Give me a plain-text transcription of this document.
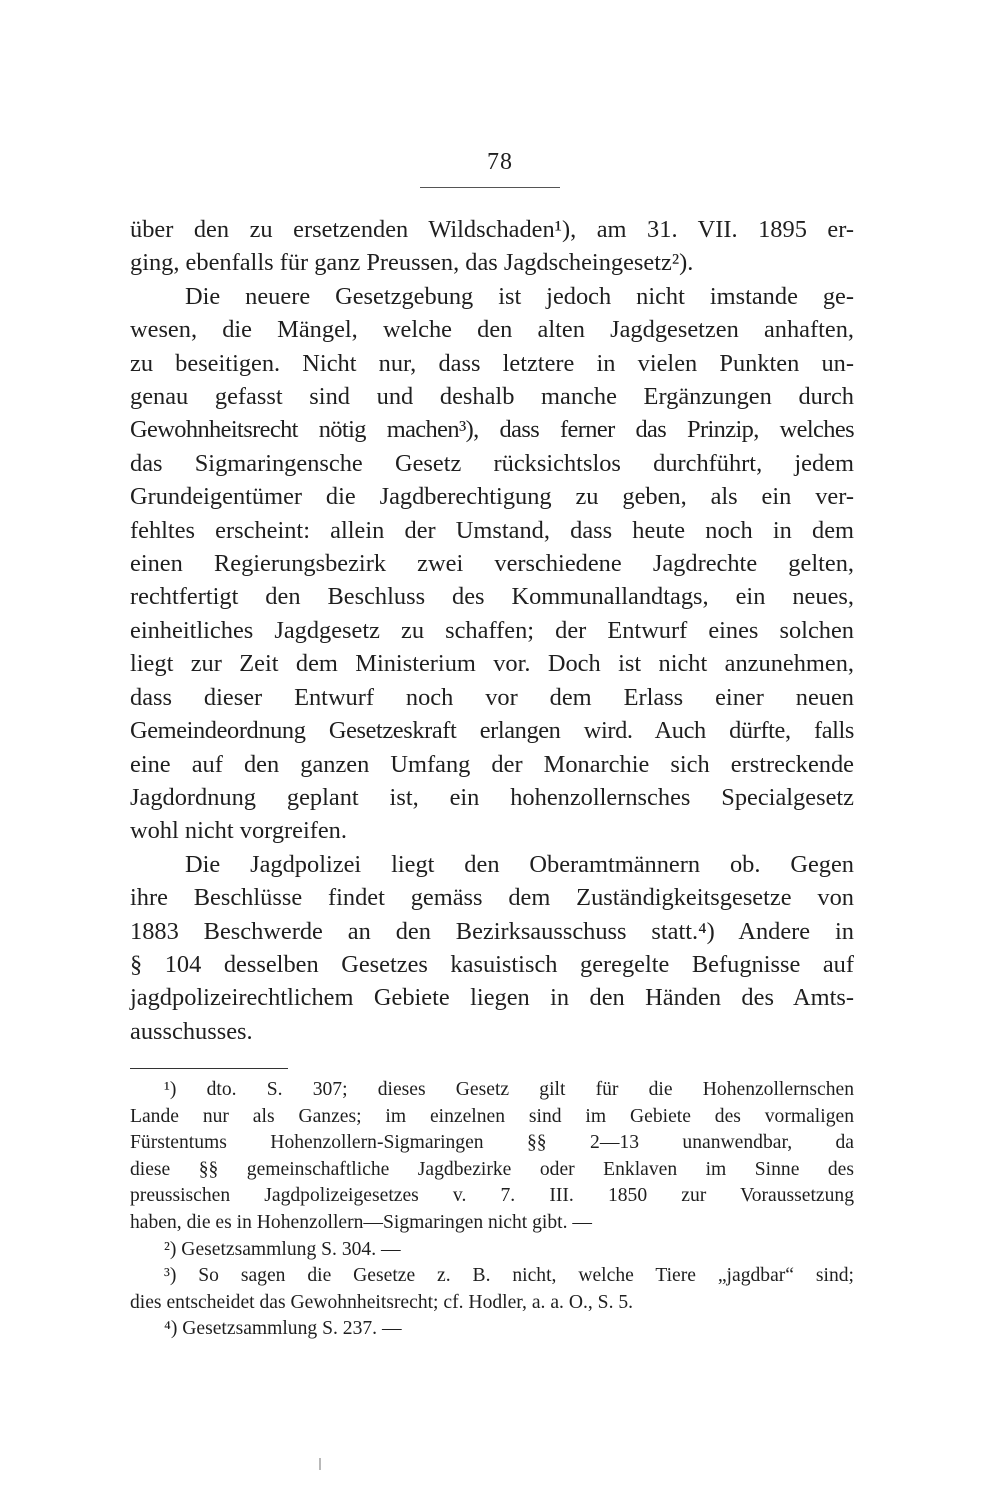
78
über den zu ersetzenden Wildschaden¹), am 31. VII. 1895 er-
ging, ebenfalls für ganz Preussen, das Jagdscheingesetz²).
Die neuere Gesetzgebung ist jedoch nicht imstande ge-
wesen, die Mängel, welche den alten Jagdgesetzen anhaften,
zu beseitigen. Nicht nur, dass letztere in vielen Punkten un-
genau gefasst sind und deshalb manche Ergänzungen durch
Gewohnheitsrecht nötig machen³), dass ferner das Prinzip, welches
das Sigmaringensche Gesetz rücksichtslos durchführt, jedem
Grundeigentümer die Jagdberechtigung zu geben, als ein ver-
fehltes erscheint: allein der Umstand, dass heute noch in dem
einen Regierungsbezirk zwei verschiedene Jagdrechte gelten,
rechtfertigt den Beschluss des Kommunallandtags, ein neues,
einheitliches Jagdgesetz zu schaffen; der Entwurf eines solchen
liegt zur Zeit dem Ministerium vor. Doch ist nicht anzunehmen,
dass dieser Entwurf noch vor dem Erlass einer neuen
Gemeindeordnung Gesetzeskraft erlangen wird. Auch dürfte, falls
eine auf den ganzen Umfang der Monarchie sich erstreckende
Jagdordnung geplant ist, ein hohenzollernsches Specialgesetz
wohl nicht vorgreifen.
Die Jagdpolizei liegt den Oberamtmännern ob. Gegen
ihre Beschlüsse findet gemäss dem Zuständigkeitsgesetze von
1883 Beschwerde an den Bezirksausschuss statt.⁴) Andere in
§ 104 desselben Gesetzes kasuistisch geregelte Befugnisse auf
jagdpolizeirechtlichem Gebiete liegen in den Händen des Amts-
ausschusses.
¹) dto. S. 307; dieses Gesetz gilt für die Hohenzollernschen
Lande nur als Ganzes; im einzelnen sind im Gebiete des vormaligen
Fürstentums Hohenzollern-Sigmaringen §§ 2—13 unanwendbar, da
diese §§ gemeinschaftliche Jagdbezirke oder Enklaven im Sinne des
preussischen Jagdpolizeigesetzes v. 7. III. 1850 zur Voraussetzung
haben, die es in Hohenzollern—Sigmaringen nicht gibt. —
²) Gesetzsammlung S. 304. —
³) So sagen die Gesetze z. B. nicht, welche Tiere „jagdbar“ sind;
dies entscheidet das Gewohnheitsrecht; cf. Hodler, a. a. O., S. 5.
⁴) Gesetzsammlung S. 237. —
